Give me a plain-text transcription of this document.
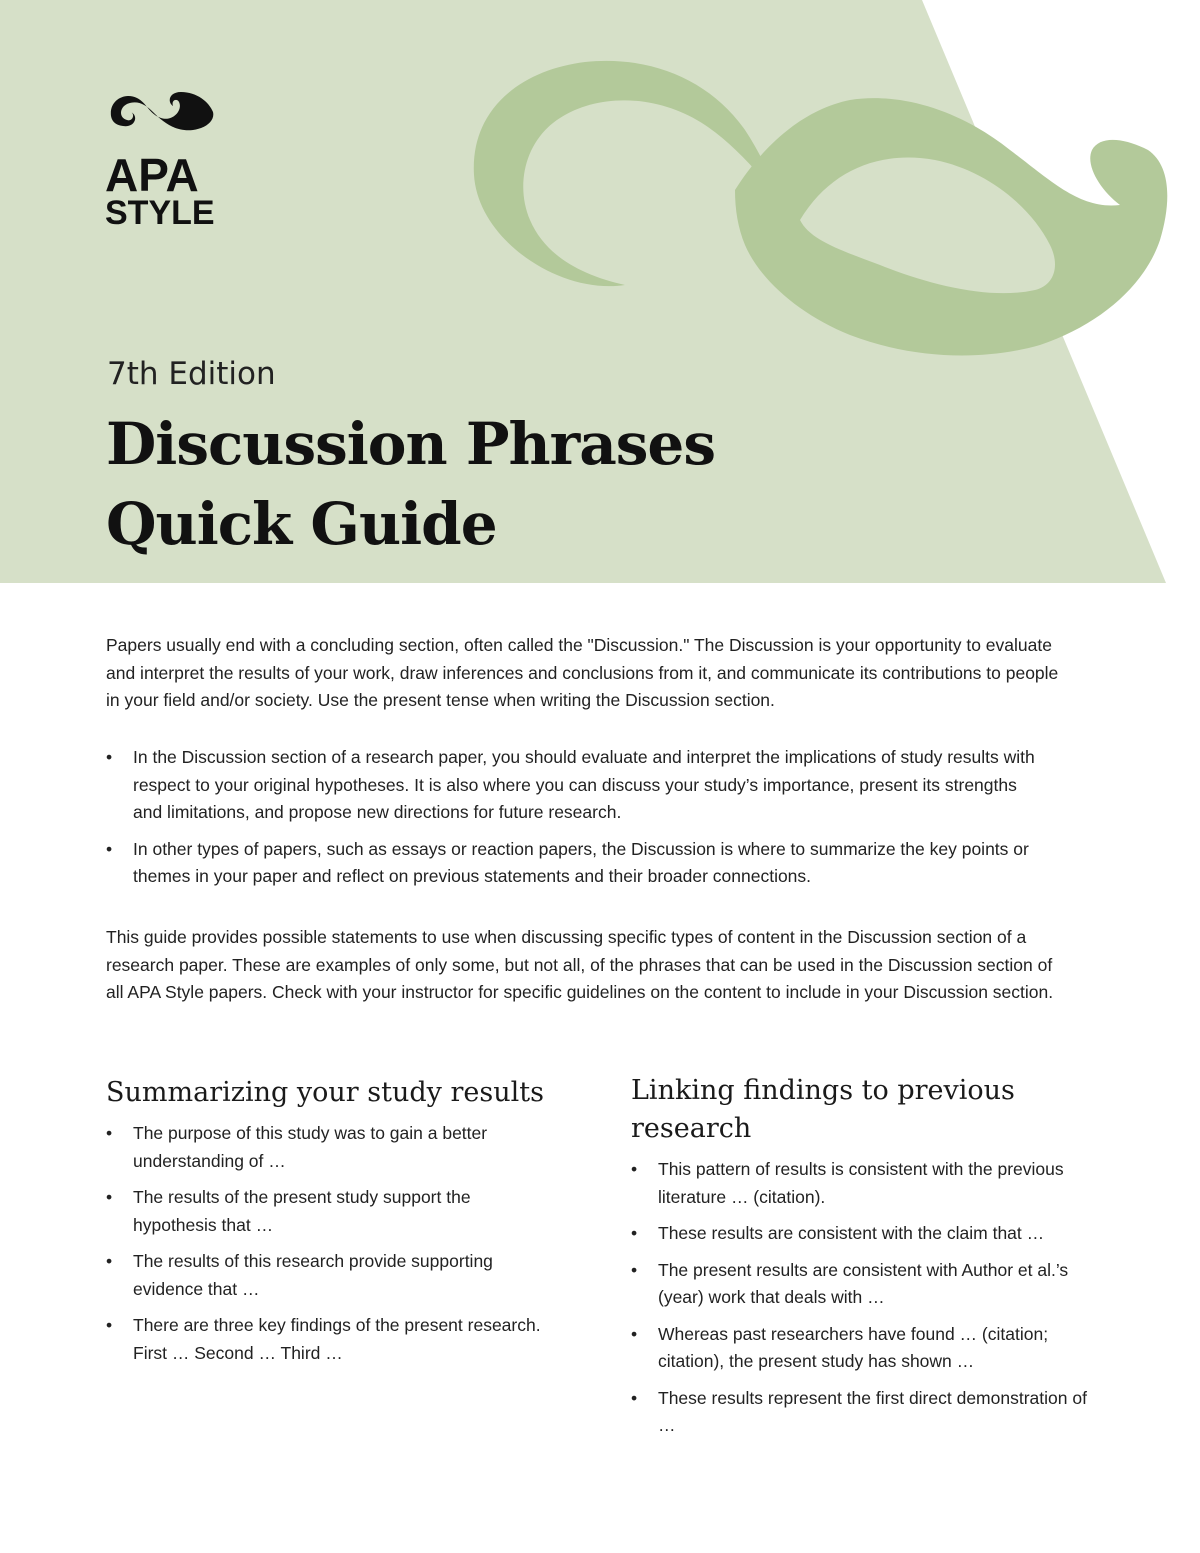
APA
STYLE
7th Edition
Discussion Phrases
Quick Guide
Papers usually end with a concluding section, often called the "Discussion." The Discussion is your opportunity to evaluate and interpret the results of your work, draw inferences and conclusions from it, and communicate its contributions to people in your field and/or society. Use the present tense when writing the Discussion section.
• In the Discussion section of a research paper, you should evaluate and interpret the implications of study results with respect to your original hypotheses. It is also where you can discuss your study’s importance, present its strengths and limitations, and propose new directions for future research.
• In other types of papers, such as essays or reaction papers, the Discussion is where to summarize the key points or themes in your paper and reflect on previous statements and their broader connections.
This guide provides possible statements to use when discussing specific types of content in the Discussion section of a research paper. These are examples of only some, but not all, of the phrases that can be used in the Discussion section of all APA Style papers. Check with your instructor for specific guidelines on the content to include in your Discussion section.
Summarizing your study results
• The purpose of this study was to gain a better understanding of …
• The results of the present study support the hypothesis that …
• The results of this research provide supporting evidence that …
• There are three key findings of the present research. First … Second … Third …
Linking findings to previous research
• This pattern of results is consistent with the previous literature … (citation).
• These results are consistent with the claim that …
• The present results are consistent with Author et al.’s (year) work that deals with …
• Whereas past researchers have found … (citation; citation), the present study has shown …
• These results represent the first direct demonstration of …
